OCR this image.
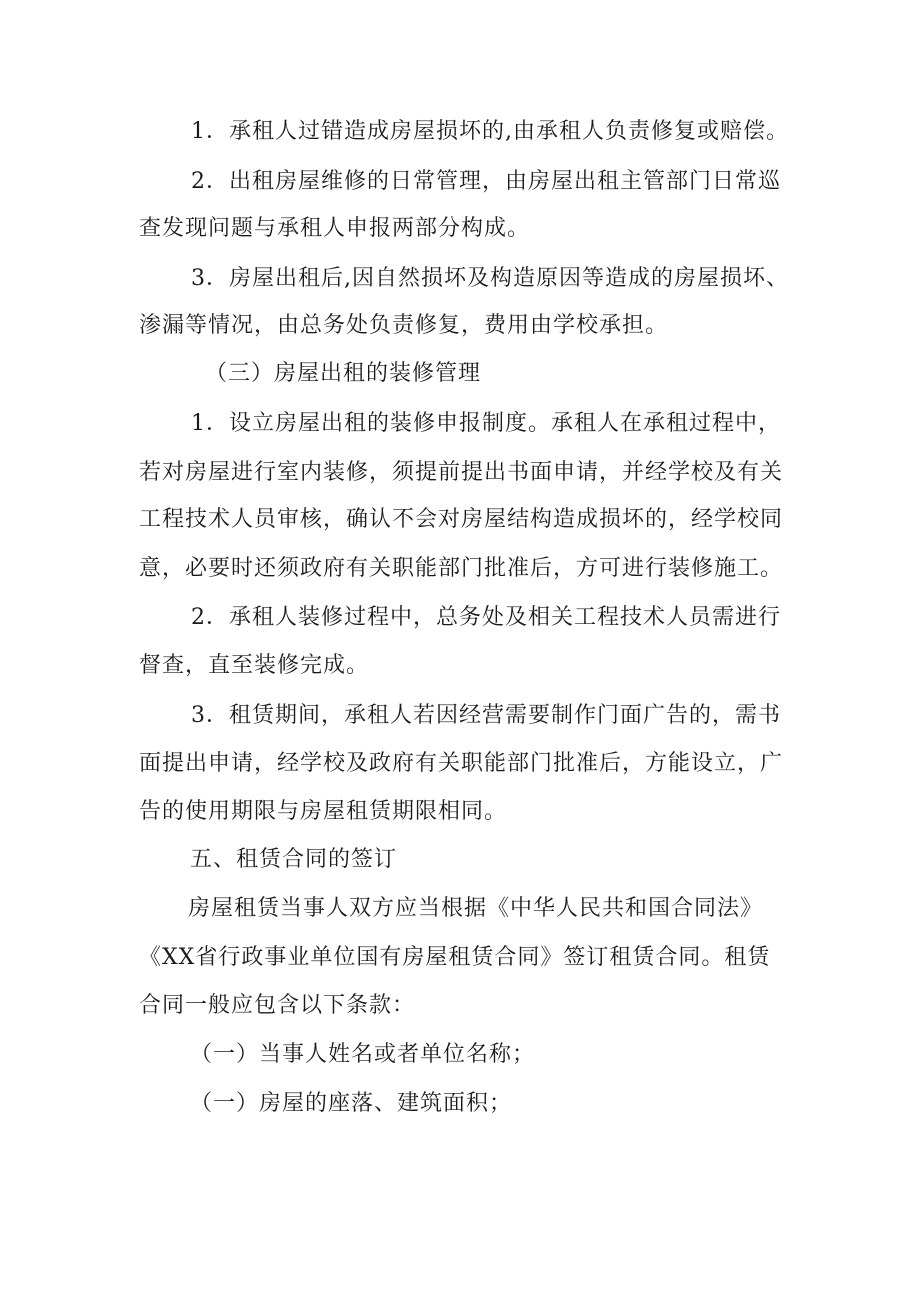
1．承租人过错造成房屋损坏的,由承租人负责修复或赔偿。
2．出租房屋维修的日常管理，由房屋出租主管部门日常巡
查发现问题与承租人申报两部分构成。
3．房屋出租后,因自然损坏及构造原因等造成的房屋损坏、
渗漏等情况，由总务处负责修复，费用由学校承担。
（三）房屋出租的装修管理
1．设立房屋出租的装修申报制度。承租人在承租过程中，
若对房屋进行室内装修，须提前提出书面申请，并经学校及有关
工程技术人员审核，确认不会对房屋结构造成损坏的，经学校同
意，必要时还须政府有关职能部门批准后，方可进行装修施工。
2．承租人装修过程中，总务处及相关工程技术人员需进行
督查，直至装修完成。
3．租赁期间，承租人若因经营需要制作门面广告的，需书
面提出申请，经学校及政府有关职能部门批准后，方能设立，广
告的使用期限与房屋租赁期限相同。
五、租赁合同的签订
房屋租赁当事人双方应当根据《中华人民共和国合同法》
《XX省行政事业单位国有房屋租赁合同》签订租赁合同。租赁
合同一般应包含以下条款：
（一）当事人姓名或者单位名称；
（一）房屋的座落、建筑面积；
